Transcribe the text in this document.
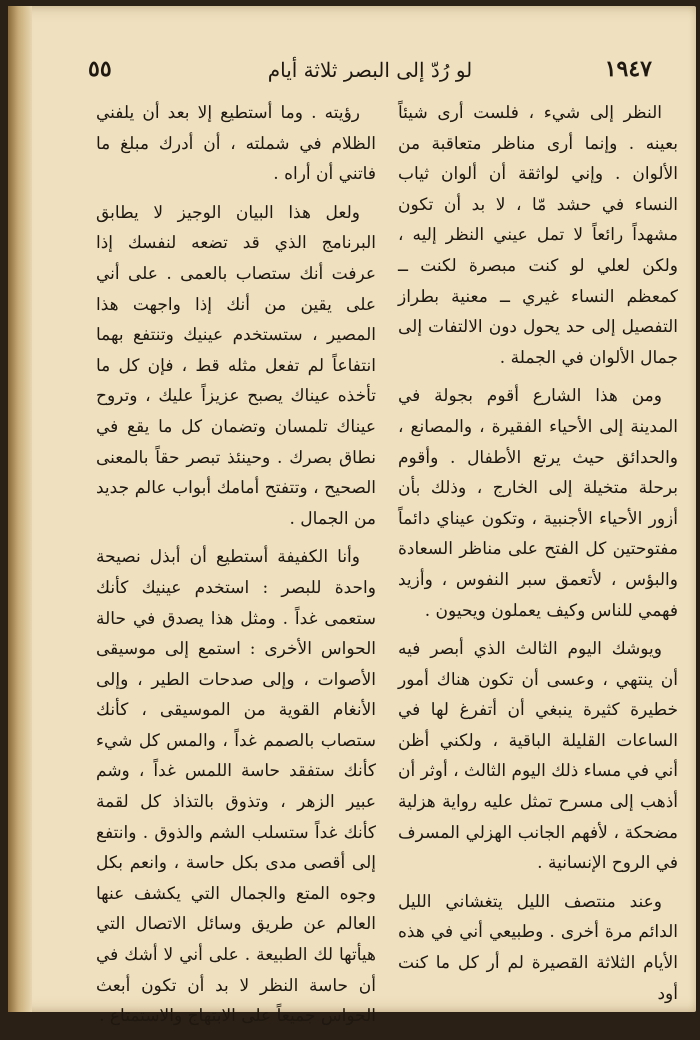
١٩٤٧
لو رُدّ إلى البصر ثلاثة أيام
٥٥

النظر إلى شيء ، فلست أرى شيئاً بعينه . وإنما أرى مناظر متعاقبة من الألوان . وإني لواثقة أن ألوان ثياب النساء في حشد مّا ، لا بد أن تكون مشهداً رائعاً لا تمل عيني النظر إليه ، ولكن لعلي لو كنت مبصرة لكنت ــ كمعظم النساء غيري ــ معنية بطراز التفصيل إلى حد يحول دون الالتفات إلى جمال الألوان في الجملة .

ومن هذا الشارع أقوم بجولة في المدينة إلى الأحياء الفقيرة ، والمصانع ، والحدائق حيث يرتع الأطفال . وأقوم برحلة متخيلة إلى الخارج ، وذلك بأن أزور الأحياء الأجنبية ، وتكون عيناي دائماً مفتوحتين كل الفتح على مناظر السعادة والبؤس ، لأتعمق سبر النفوس ، وأزيد فهمي للناس وكيف يعملون ويحيون .

ويوشك اليوم الثالث الذي أبصر فيه أن ينتهي ، وعسى أن تكون هناك أمور خطيرة كثيرة ينبغي أن أتفرغ لها في الساعات القليلة الباقية ، ولكني أظن أني في مساء ذلك اليوم الثالث ، أوثر أن أذهب إلى مسرح تمثل عليه رواية هزلية مضحكة ، لأفهم الجانب الهزلي المسرف في الروح الإنسانية .

وعند منتصف الليل يتغشاني الليل الدائم مرة أخرى . وطبيعي أني في هذه الأيام الثلاثة القصيرة لم أر كل ما كنت أود

رؤيته . وما أستطيع إلا بعد أن يلفني الظلام في شملته ، أن أدرك مبلغ ما فاتني أن أراه .

ولعل هذا البيان الوجيز لا يطابق البرنامج الذي قد تضعه لنفسك إذا عرفت أنك ستصاب بالعمى . على أني على يقين من أنك إذا واجهت هذا المصير ، ستستخدم عينيك وتنتفع بهما انتفاعاً لم تفعل مثله قط ، فإن كل ما تأخذه عيناك يصبح عزيزاً عليك ، وتروح عيناك تلمسان وتضمان كل ما يقع في نطاق بصرك . وحينئذ تبصر حقاً بالمعنى الصحيح ، وتتفتح أمامك أبواب عالم جديد من الجمال .

وأنا الكفيفة أستطيع أن أبذل نصيحة واحدة للبصر : استخدم عينيك كأنك ستعمى غداً . ومثل هذا يصدق في حالة الحواس الأخرى : استمع إلى موسيقى الأصوات ، وإلى صدحات الطير ، وإلى الأنغام القوية من الموسيقى ، كأنك ستصاب بالصمم غداً ، والمس كل شيء كأنك ستفقد حاسة اللمس غداً ، وشم عبير الزهر ، وتذوق بالتذاذ كل لقمة كأنك غداً ستسلب الشم والذوق . وانتفع إلى أقصى مدى بكل حاسة ، وانعم بكل وجوه المتع والجمال التي يكشف عنها العالم عن طريق وسائل الاتصال التي هيأتها لك الطبيعة . على أني لا أشك في أن حاسة النظر لا بد أن تكون أبعث الحواس جميعاً على الابتهاج والاستمتاع .
